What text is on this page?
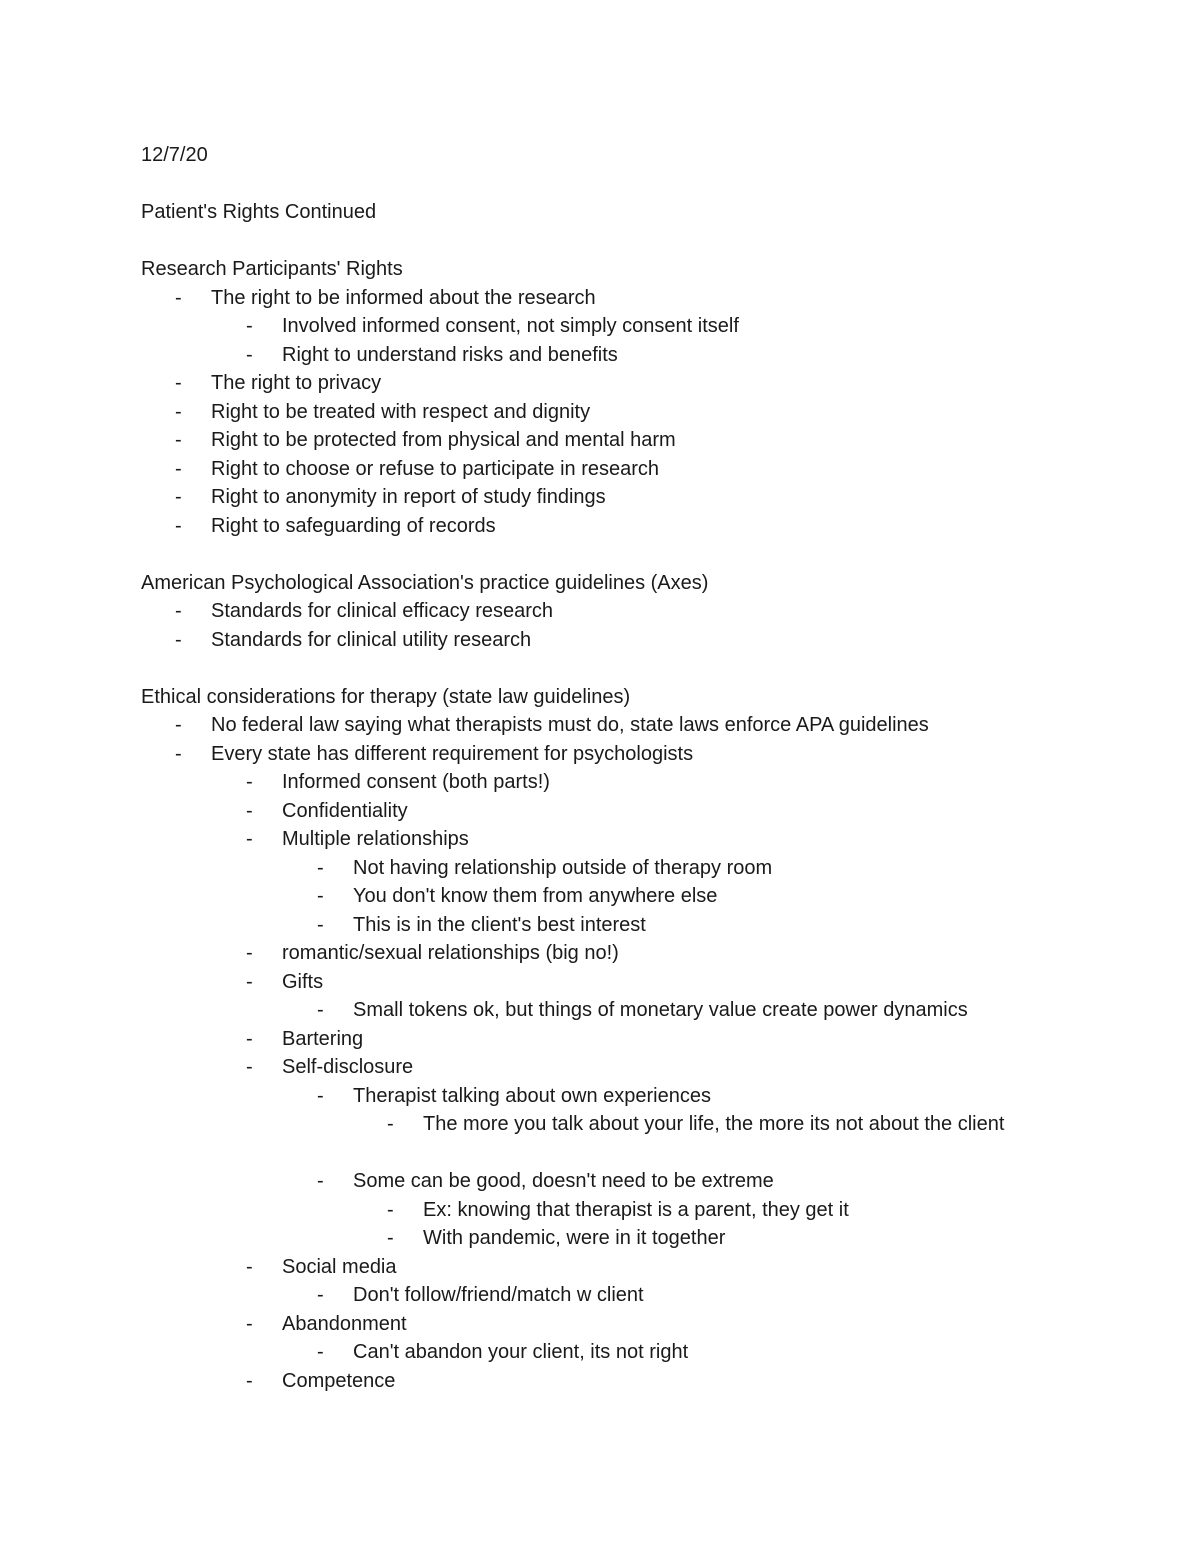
12/7/20
Patient's Rights Continued
Research Participants' Rights
- The right to be informed about the research
- Involved informed consent, not simply consent itself
- Right to understand risks and benefits
- The right to privacy
- Right to be treated with respect and dignity
- Right to be protected from physical and mental harm
- Right to choose or refuse to participate in research
- Right to anonymity in report of study findings
- Right to safeguarding of records
American Psychological Association's practice guidelines (Axes)
- Standards for clinical efficacy research
- Standards for clinical utility research
Ethical considerations for therapy (state law guidelines)
- No federal law saying what therapists must do, state laws enforce APA guidelines
- Every state has different requirement for psychologists
- Informed consent (both parts!)
- Confidentiality
- Multiple relationships
- Not having relationship outside of therapy room
- You don't know them from anywhere else
- This is in the client's best interest
- romantic/sexual relationships (big no!)
- Gifts
- Small tokens ok, but things of monetary value create power dynamics
- Bartering
- Self-disclosure
- Therapist talking about own experiences
- The more you talk about your life, the more its not about the client
- Some can be good, doesn't need to be extreme
- Ex: knowing that therapist is a parent, they get it
- With pandemic, were in it together
- Social media
- Don't follow/friend/match w client
- Abandonment
- Can't abandon your client, its not right
- Competence
